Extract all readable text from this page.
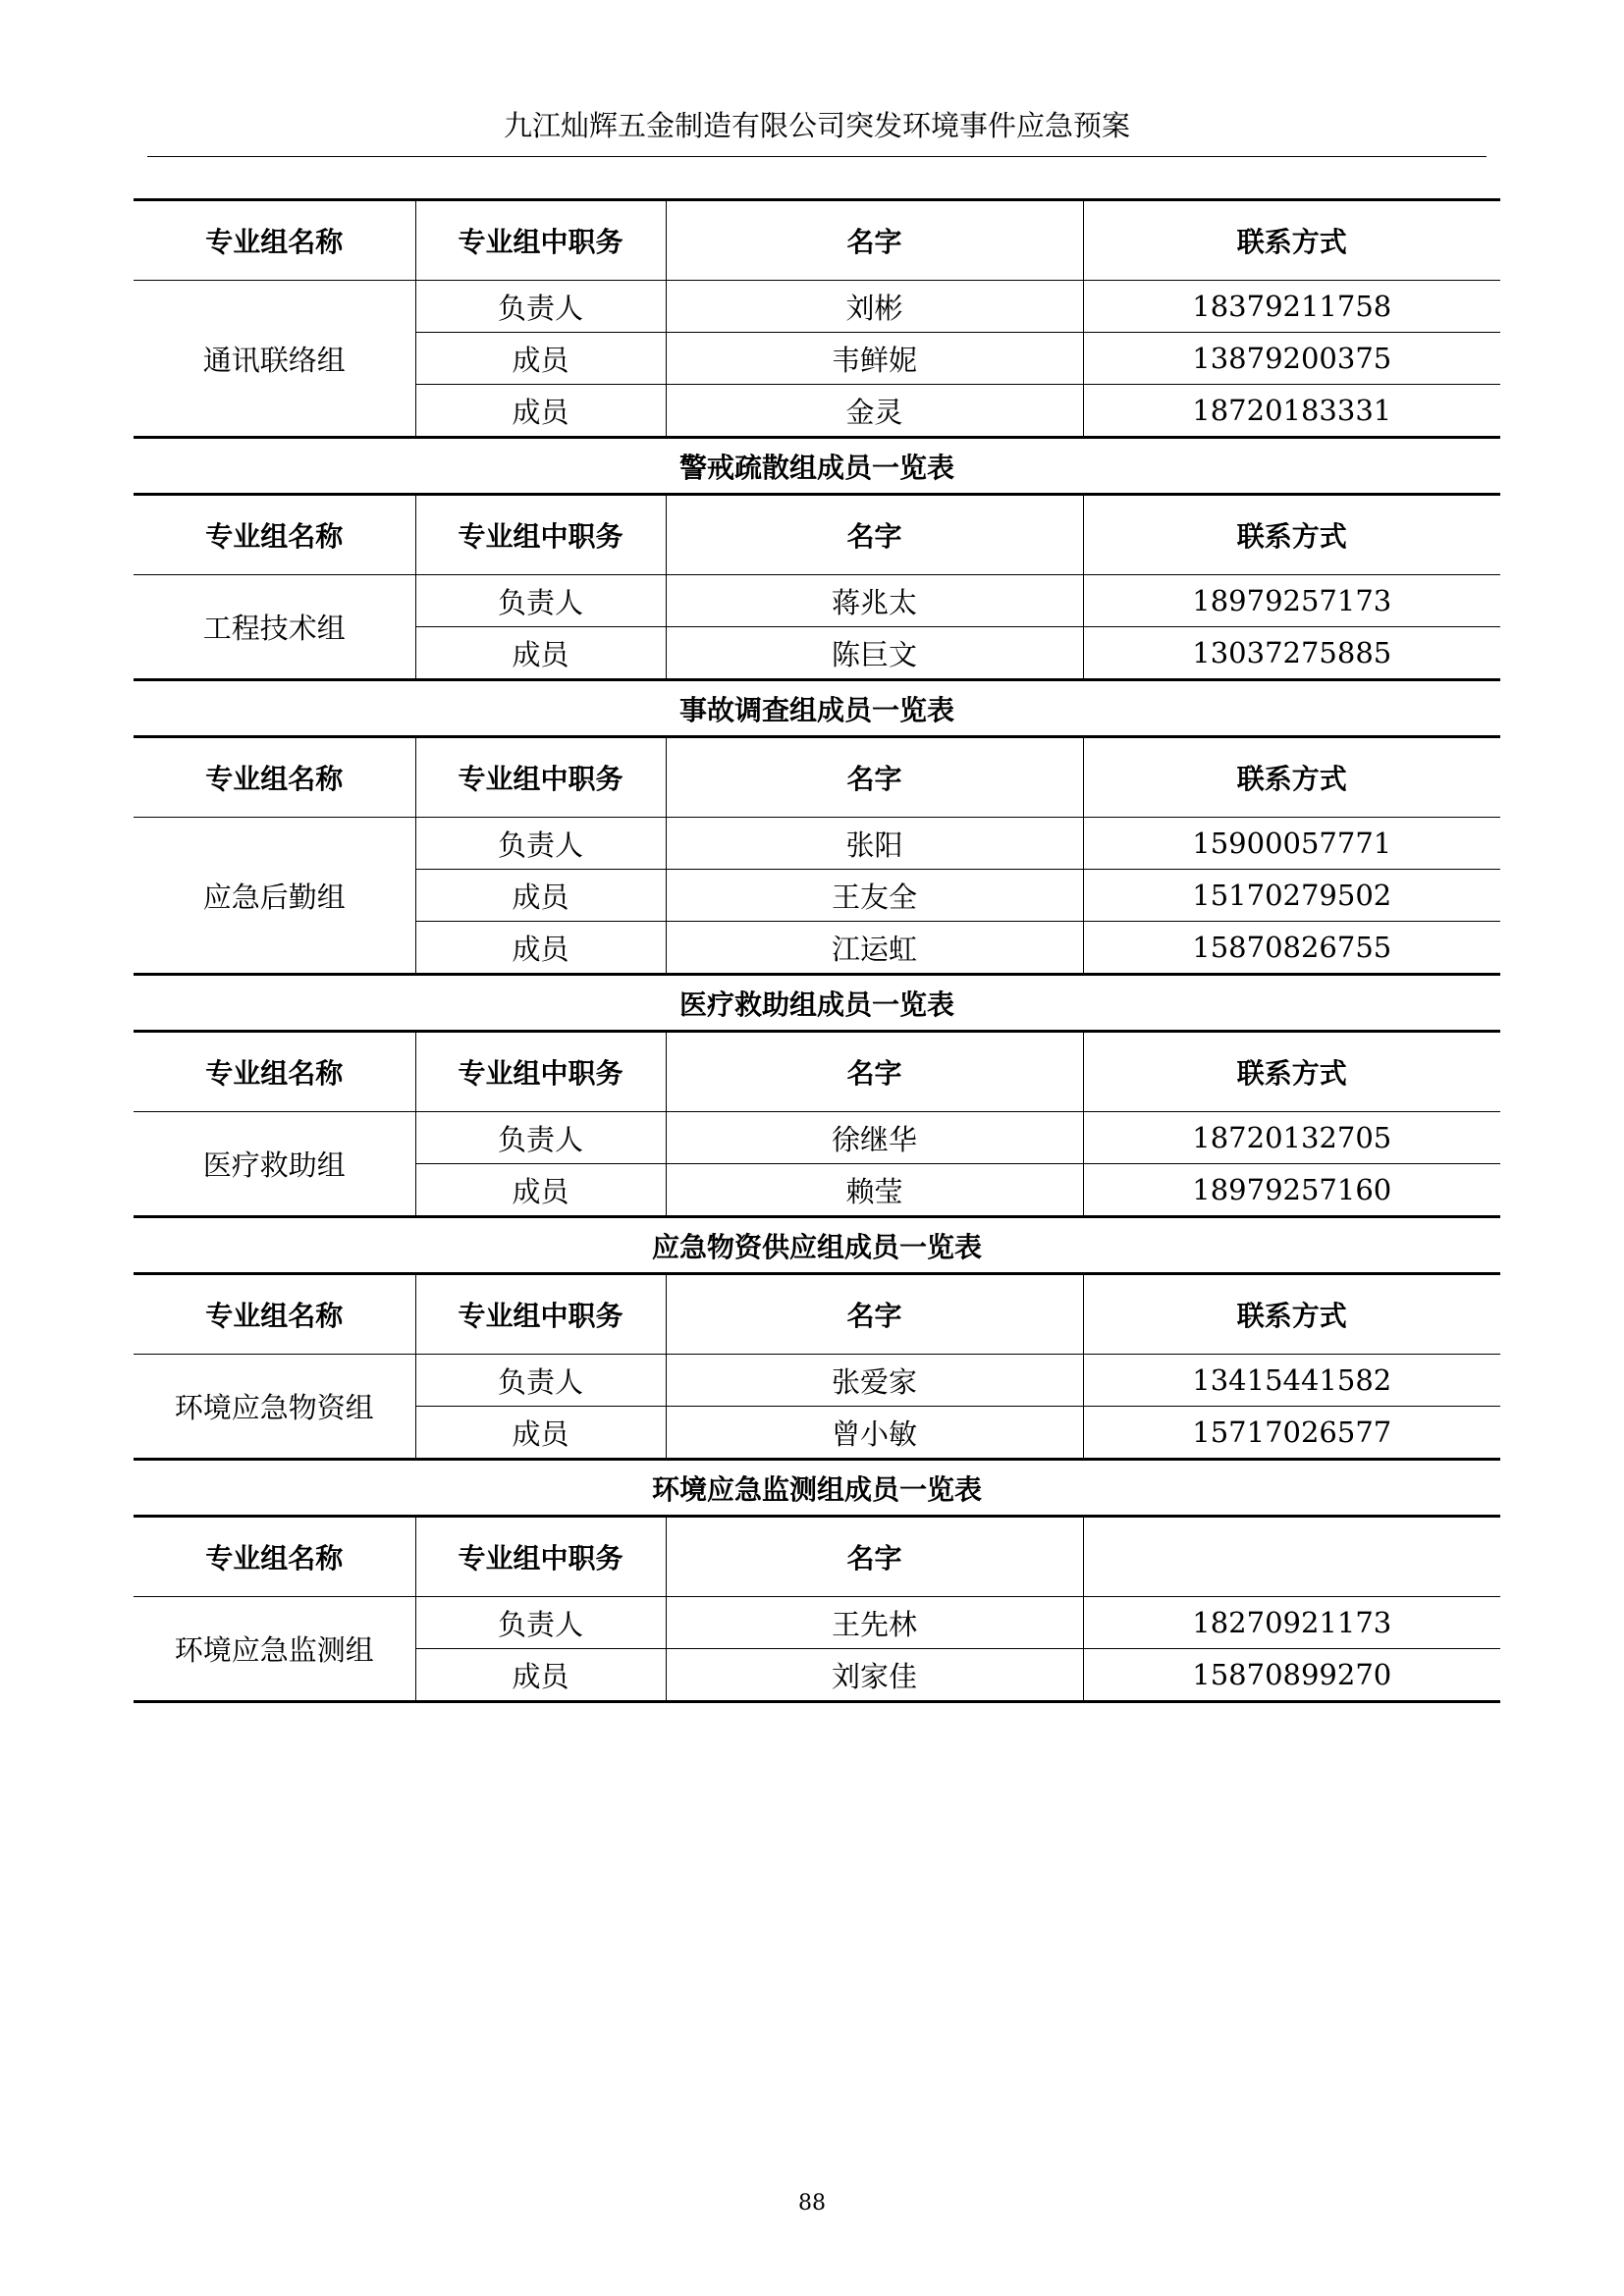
九江灿辉五金制造有限公司突发环境事件应急预案
专业组名称	专业组中职务	名字	联系方式
通讯联络组	负责人	刘彬	18379211758
	成员	韦鲜妮	13879200375
	成员	金灵	18720183331
警戒疏散组成员一览表			
专业组名称	专业组中职务	名字	联系方式
工程技术组	负责人	蒋兆太	18979257173
	成员	陈巨文	13037275885
事故调查组成员一览表			
专业组名称	专业组中职务	名字	联系方式
应急后勤组	负责人	张阳	15900057771
	成员	王友全	15170279502
	成员	江运虹	15870826755
医疗救助组成员一览表			
专业组名称	专业组中职务	名字	联系方式
医疗救助组	负责人	徐继华	18720132705
	成员	赖莹	18979257160
应急物资供应组成员一览表			
专业组名称	专业组中职务	名字	联系方式
环境应急物资组	负责人	张爱家	13415441582
	成员	曾小敏	15717026577
环境应急监测组成员一览表			
专业组名称	专业组中职务	名字	
环境应急监测组	负责人	王先林	18270921173
	成员	刘家佳	15870899270
88
